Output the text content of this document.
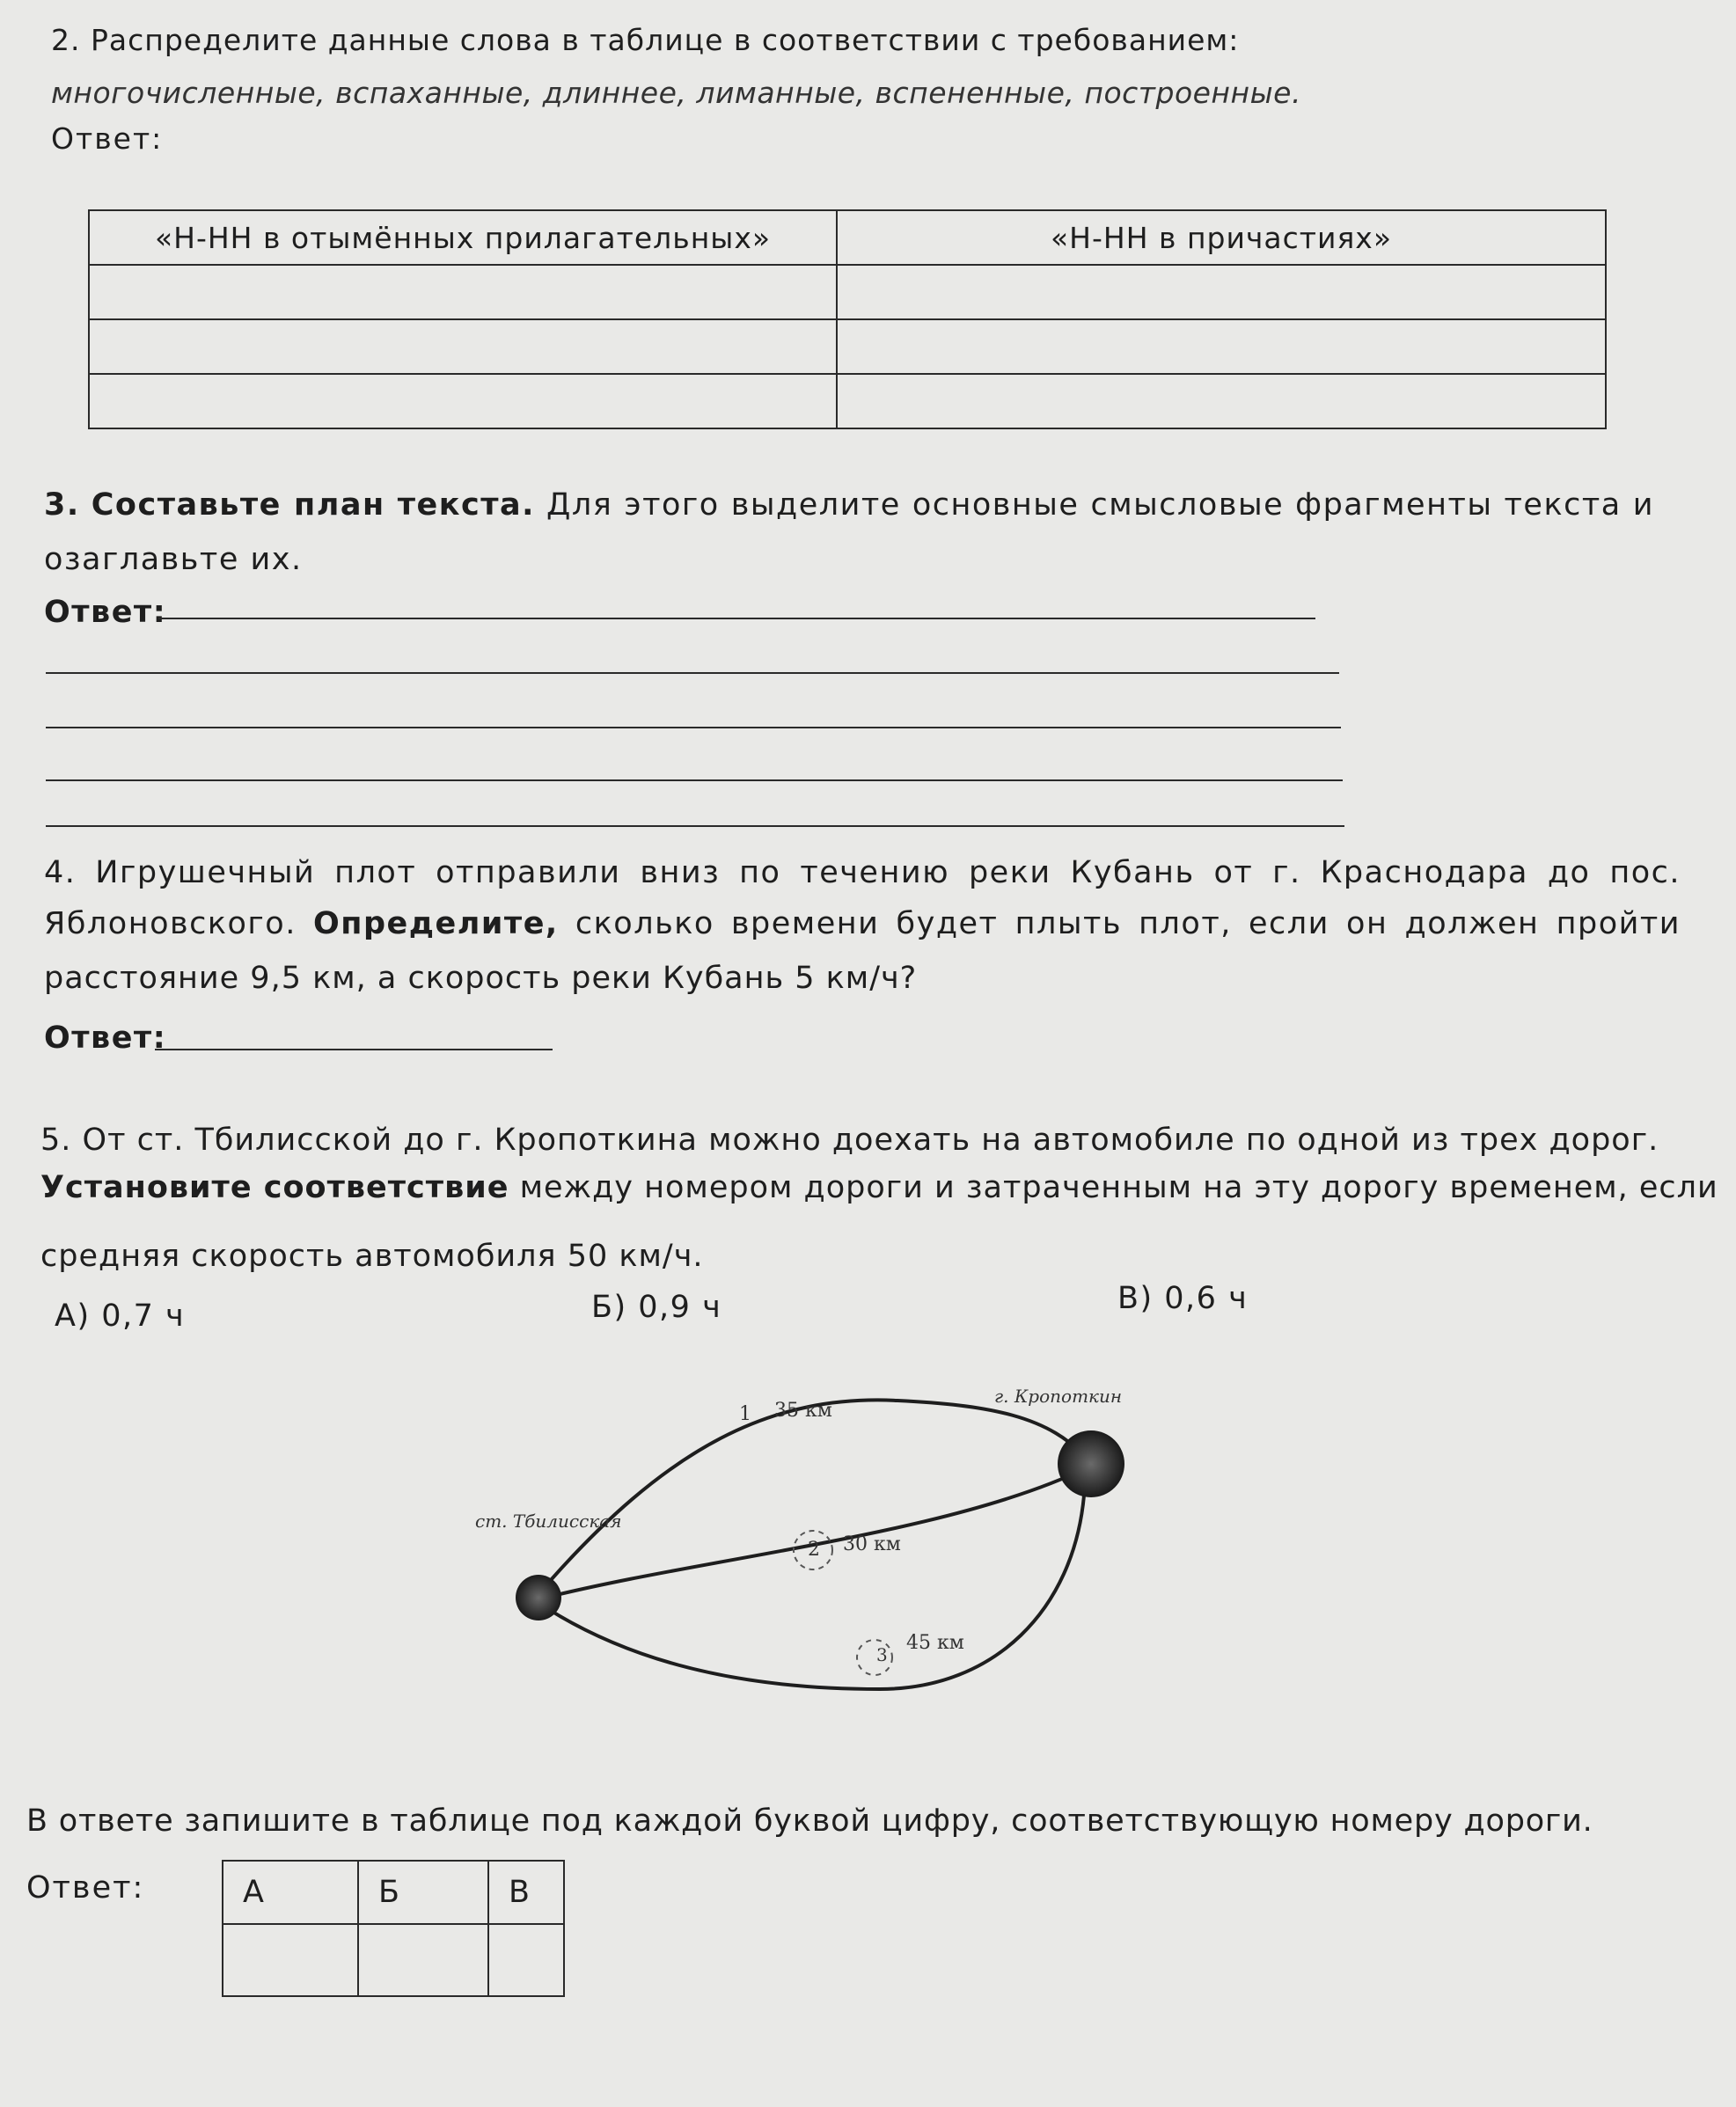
2. Распределите данные слова в таблице в соответствии с требованием:
многочисленные, вспаханные, длиннее, лиманные, вспененные, построенные.
Ответ:
«Н-НН в отымённых прилагательных»	«Н-НН в причастиях»

3. Составьте план текста. Для этого выделите основные смысловые фрагменты текста и
озаглавьте их.
Ответ:
4. Игрушечный плот отправили вниз по течению реки Кубань от г. Краснодара до пос.
Яблоновского. Определите, сколько времени будет плыть плот, если он должен пройти
расстояние 9,5 км, а скорость реки Кубань 5 км/ч?
Ответ:
5. От ст. Тбилисской до г. Кропоткина можно доехать на автомобиле по одной из трех дорог.
Установите соответствие между номером дороги и затраченным на эту дорогу временем, если
средняя скорость автомобиля 50 км/ч.
А) 0,7 ч	Б) 0,9 ч	В) 0,6 ч
ст. Тбилисская
г. Кропоткин
1 35 км
2 30 км
3
45 км
В ответе запишите в таблице под каждой буквой цифру, соответствующую номеру дороги.
Ответ:	А	Б	В
